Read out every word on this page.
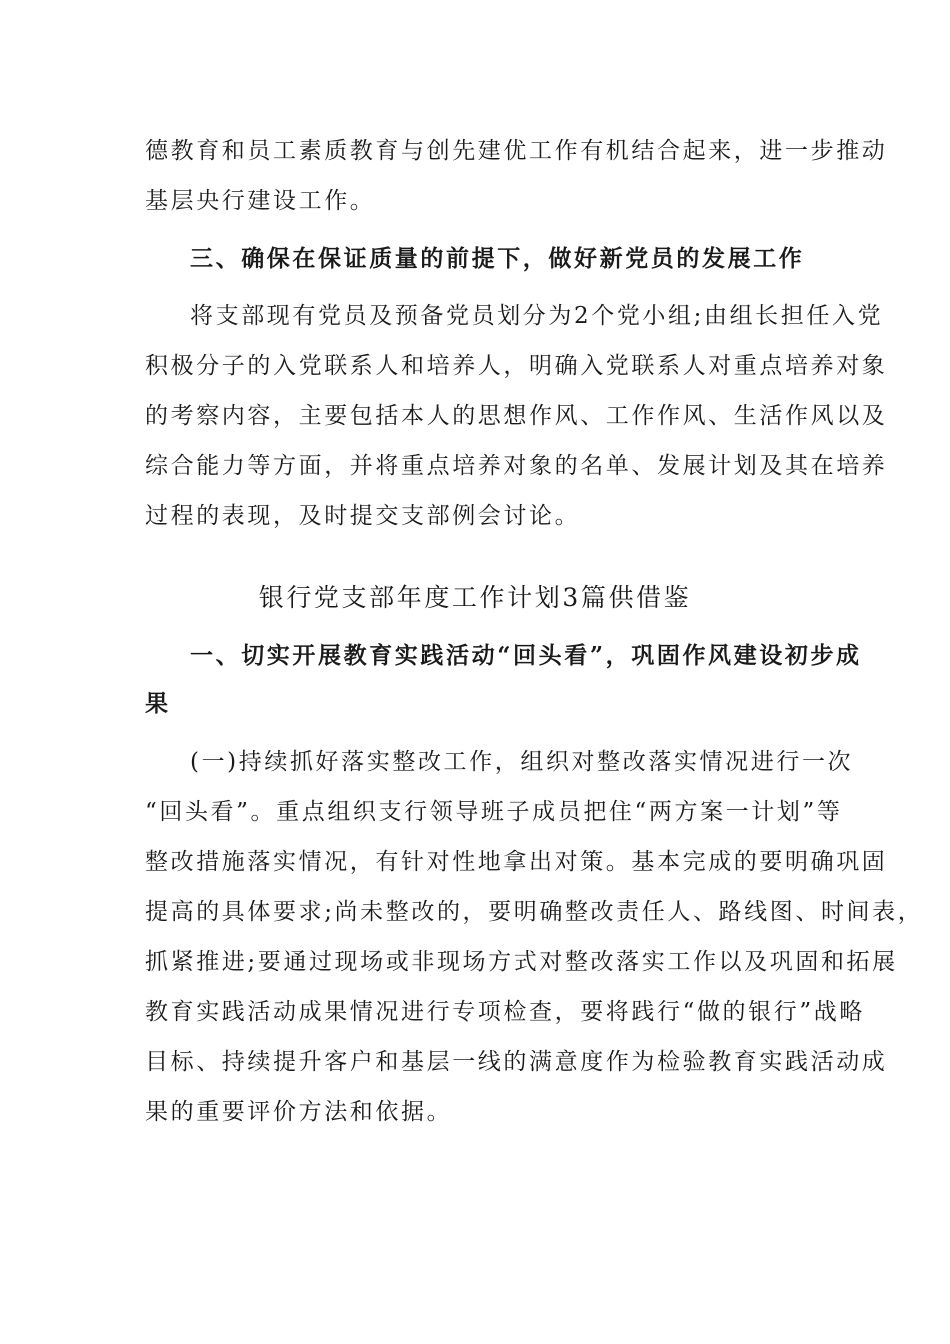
德教育和员工素质教育与创先建优工作有机结合起来，进一步推动
基层央行建设工作。
三、确保在保证质量的前提下，做好新党员的发展工作
将支部现有党员及预备党员划分为2个党小组;由组长担任入党
积极分子的入党联系人和培养人，明确入党联系人对重点培养对象
的考察内容，主要包括本人的思想作风、工作作风、生活作风以及
综合能力等方面，并将重点培养对象的名单、发展计划及其在培养
过程的表现，及时提交支部例会讨论。
银行党支部年度工作计划3篇供借鉴
一、切实开展教育实践活动“回头看”，巩固作风建设初步成
果
(一)持续抓好落实整改工作，组织对整改落实情况进行一次
“回头看”。重点组织支行领导班子成员把住“两方案一计划”等
整改措施落实情况，有针对性地拿出对策。基本完成的要明确巩固
提高的具体要求;尚未整改的，要明确整改责任人、路线图、时间表，
抓紧推进;要通过现场或非现场方式对整改落实工作以及巩固和拓展
教育实践活动成果情况进行专项检查，要将践行“做的银行”战略
目标、持续提升客户和基层一线的满意度作为检验教育实践活动成
果的重要评价方法和依据。
